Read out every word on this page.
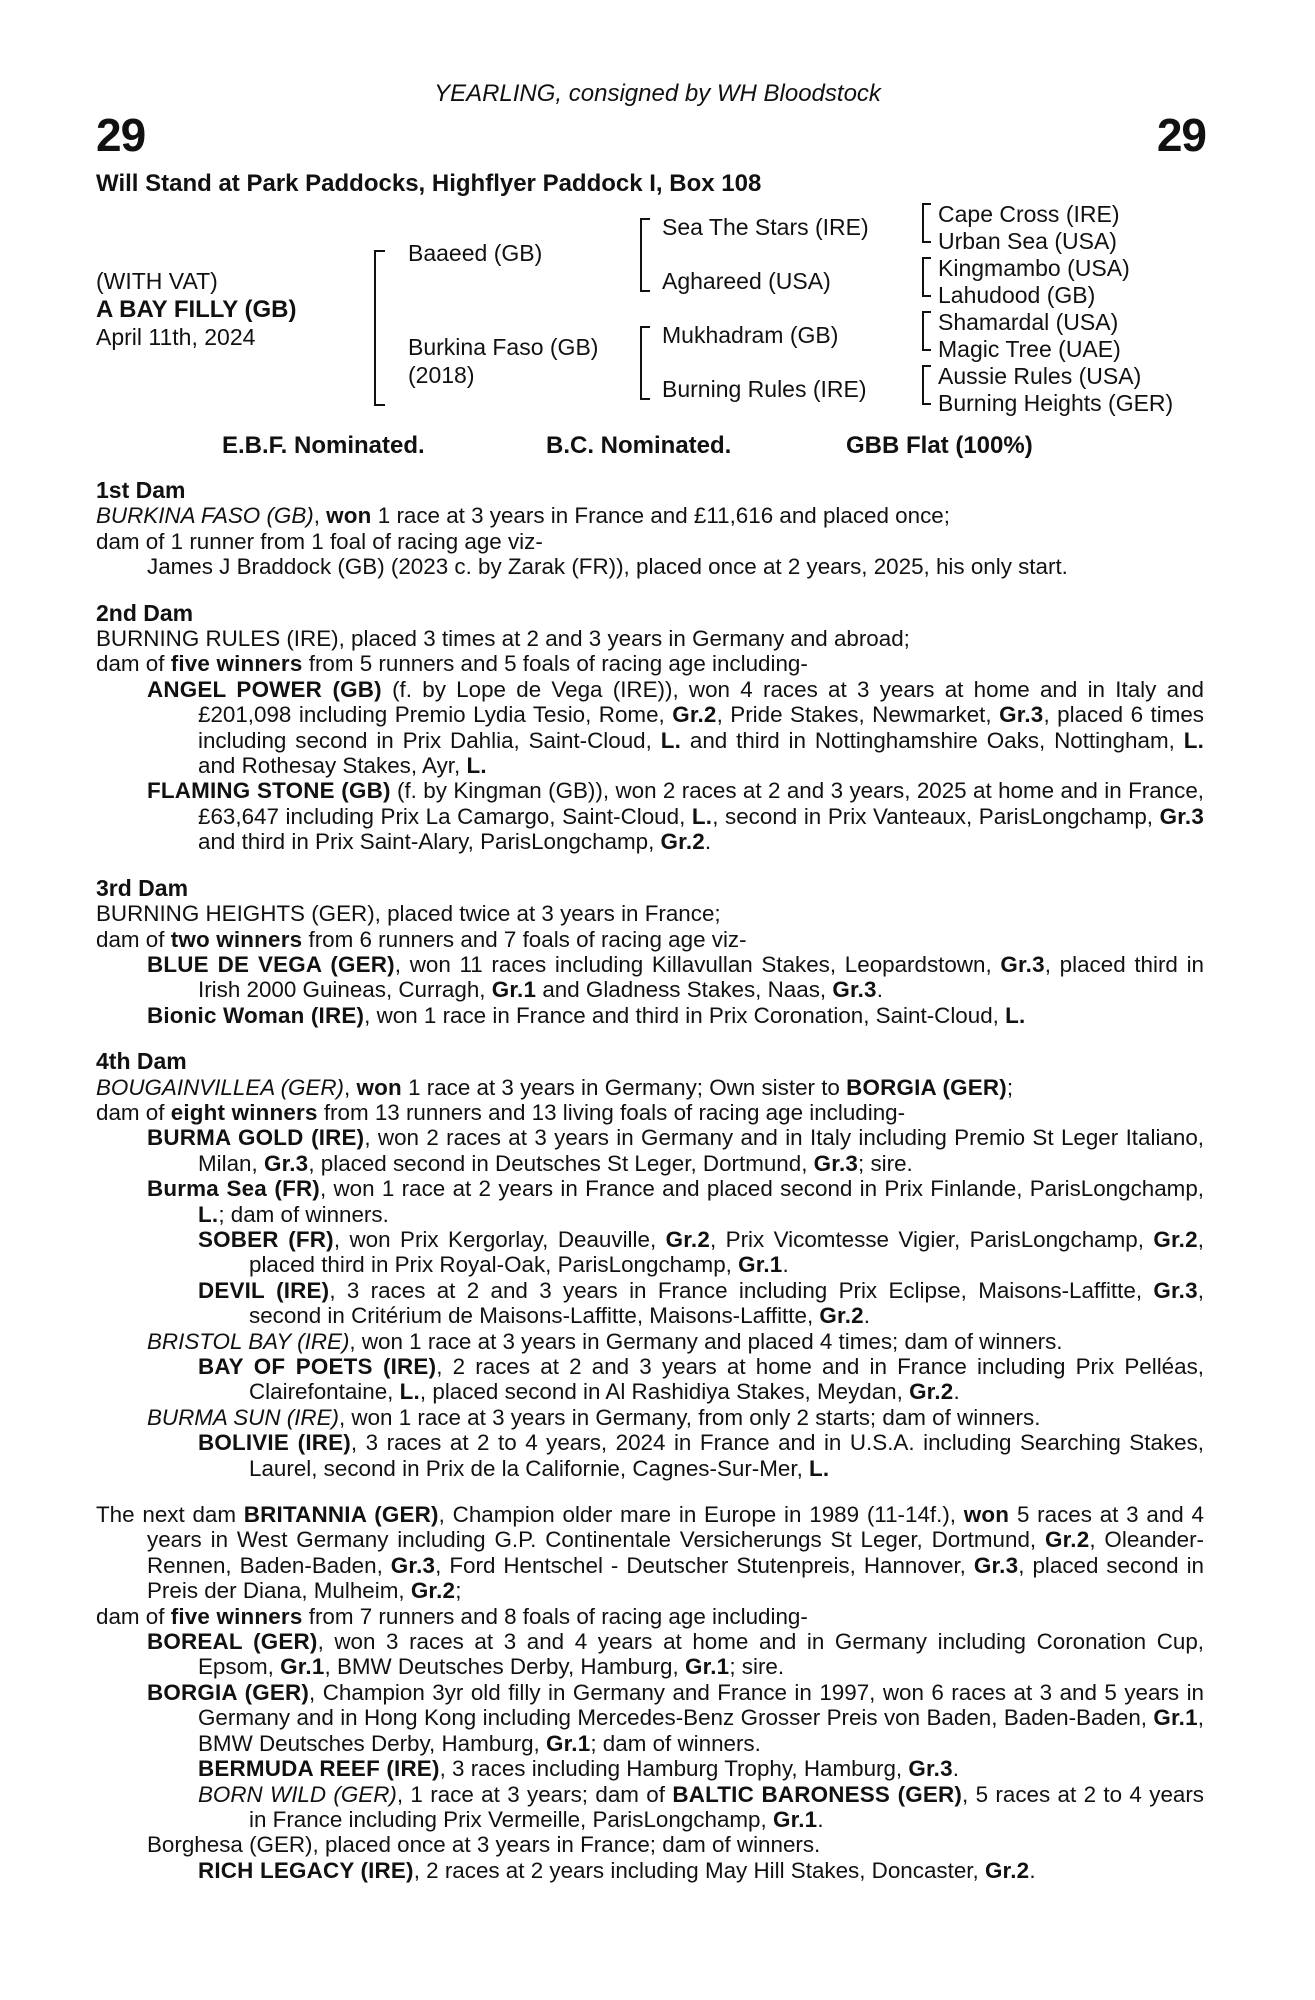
29	29
YEARLING, consigned by WH Bloodstock
Will Stand at Park Paddocks, Highflyer Paddock I, Box 108
(WITH VAT)
A BAY FILLY (GB)
April 11th, 2024
Baaeed (GB)
Burkina Faso (GB)
(2018)
Sea The Stars (IRE)
Aghareed (USA)
Mukhadram (GB)
Burning Rules (IRE)
Cape Cross (IRE)
Urban Sea (USA)
Kingmambo (USA)
Lahudood (GB)
Shamardal (USA)
Magic Tree (UAE)
Aussie Rules (USA)
Burning Heights (GER)
E.B.F. Nominated.	B.C. Nominated.	GBB Flat (100%)

1st Dam

BURKINA FASO (GB), won 1 race at 3 years in France and £11,616 and placed once;

dam of 1 runner from 1 foal of racing age viz-

James J Braddock (GB) (2023 c. by Zarak (FR)), placed once at 2 years, 2025, his only start.

2nd Dam

BURNING RULES (IRE), placed 3 times at 2 and 3 years in Germany and abroad;

dam of five winners from 5 runners and 5 foals of racing age including-

ANGEL POWER (GB) (f. by Lope de Vega (IRE)), won 4 races at 3 years at home and in Italy and £201,098 including Premio Lydia Tesio, Rome, Gr.2, Pride Stakes, Newmarket, Gr.3, placed 6 times including second in Prix Dahlia, Saint-Cloud, L. and third in Nottinghamshire Oaks, Nottingham, L. and Rothesay Stakes, Ayr, L.

FLAMING STONE (GB) (f. by Kingman (GB)), won 2 races at 2 and 3 years, 2025 at home and in France, £63,647 including Prix La Camargo, Saint-Cloud, L., second in Prix Vanteaux, ParisLongchamp, Gr.3 and third in Prix Saint-Alary, ParisLongchamp, Gr.2.

3rd Dam

BURNING HEIGHTS (GER), placed twice at 3 years in France;

dam of two winners from 6 runners and 7 foals of racing age viz-

BLUE DE VEGA (GER), won 11 races including Killavullan Stakes, Leopardstown, Gr.3, placed third in Irish 2000 Guineas, Curragh, Gr.1 and Gladness Stakes, Naas, Gr.3.

Bionic Woman (IRE), won 1 race in France and third in Prix Coronation, Saint-Cloud, L.

4th Dam

BOUGAINVILLEA (GER), won 1 race at 3 years in Germany; Own sister to BORGIA (GER);

dam of eight winners from 13 runners and 13 living foals of racing age including-

BURMA GOLD (IRE), won 2 races at 3 years in Germany and in Italy including Premio St Leger Italiano, Milan, Gr.3, placed second in Deutsches St Leger, Dortmund, Gr.3; sire.

Burma Sea (FR), won 1 race at 2 years in France and placed second in Prix Finlande, ParisLongchamp, L.; dam of winners.

SOBER (FR), won Prix Kergorlay, Deauville, Gr.2, Prix Vicomtesse Vigier, ParisLongchamp, Gr.2, placed third in Prix Royal-Oak, ParisLongchamp, Gr.1.

DEVIL (IRE), 3 races at 2 and 3 years in France including Prix Eclipse, Maisons-Laffitte, Gr.3, second in Critérium de Maisons-Laffitte, Maisons-Laffitte, Gr.2.

BRISTOL BAY (IRE), won 1 race at 3 years in Germany and placed 4 times; dam of winners.

BAY OF POETS (IRE), 2 races at 2 and 3 years at home and in France including Prix Pelléas, Clairefontaine, L., placed second in Al Rashidiya Stakes, Meydan, Gr.2.

BURMA SUN (IRE), won 1 race at 3 years in Germany, from only 2 starts; dam of winners.

BOLIVIE (IRE), 3 races at 2 to 4 years, 2024 in France and in U.S.A. including Searching Stakes, Laurel, second in Prix de la Californie, Cagnes-Sur-Mer, L.

The next dam BRITANNIA (GER), Champion older mare in Europe in 1989 (11-14f.), won 5 races at 3 and 4 years in West Germany including G.P. Continentale Versicherungs St Leger, Dortmund, Gr.2, Oleander-Rennen, Baden-Baden, Gr.3, Ford Hentschel - Deutscher Stutenpreis, Hannover, Gr.3, placed second in Preis der Diana, Mulheim, Gr.2;

dam of five winners from 7 runners and 8 foals of racing age including-

BOREAL (GER), won 3 races at 3 and 4 years at home and in Germany including Coronation Cup, Epsom, Gr.1, BMW Deutsches Derby, Hamburg, Gr.1; sire.

BORGIA (GER), Champion 3yr old filly in Germany and France in 1997, won 6 races at 3 and 5 years in Germany and in Hong Kong including Mercedes-Benz Grosser Preis von Baden, Baden-Baden, Gr.1, BMW Deutsches Derby, Hamburg, Gr.1; dam of winners.

BERMUDA REEF (IRE), 3 races including Hamburg Trophy, Hamburg, Gr.3.

BORN WILD (GER), 1 race at 3 years; dam of BALTIC BARONESS (GER), 5 races at 2 to 4 years in France including Prix Vermeille, ParisLongchamp, Gr.1.

Borghesa (GER), placed once at 3 years in France; dam of winners.

RICH LEGACY (IRE), 2 races at 2 years including May Hill Stakes, Doncaster, Gr.2.
